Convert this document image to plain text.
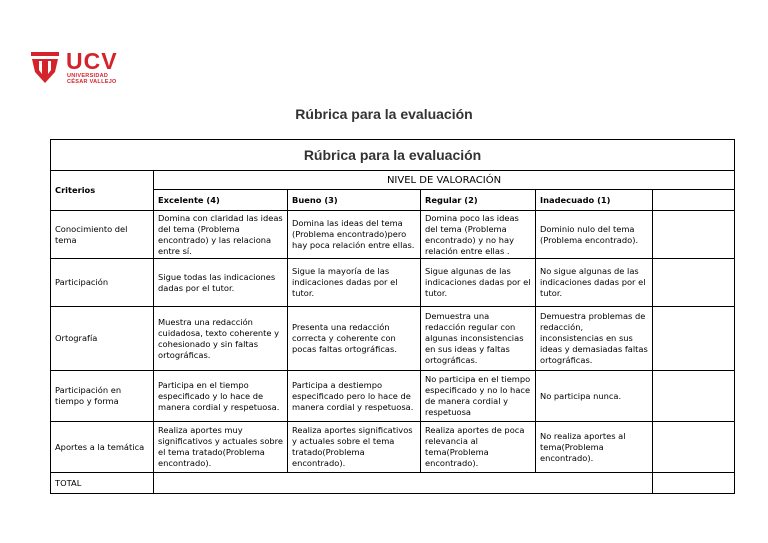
UCV
UNIVERSIDAD
CÉSAR VALLEJO
Rúbrica para la evaluación
Rúbrica para la evaluación					
Criterios	NIVEL DE VALORACIÓN				
	Excelente (4)	Bueno (3)	Regular (2)	Inadecuado (1)	
Conocimiento del tema	Domina con claridad las ideas del tema (Problema encontrado) y las relaciona entre sí.	Domina las ideas del tema (Problema encontrado)pero hay poca relación entre ellas.	Domina poco las ideas del tema (Problema encontrado) y no hay relación entre ellas .	Dominio nulo del tema (Problema encontrado).	
Participación	Sigue todas las indicaciones dadas por el tutor.	Sigue la mayoría de las indicaciones dadas por el tutor.	Sigue algunas de las indicaciones dadas por el tutor.	No sigue algunas de las indicaciones dadas por el tutor.	
Ortografía	Muestra una redacción cuidadosa, texto coherente y cohesionado y sin faltas ortográficas.	Presenta una redacción correcta y coherente con pocas faltas ortográficas.	Demuestra una redacción regular con algunas inconsistencias en sus ideas y faltas ortográficas.	Demuestra problemas de redacción, inconsistencias en sus ideas y demasiadas faltas ortográficas.	
Participación en tiempo y forma	Participa en el tiempo especificado y lo hace de manera cordial y respetuosa.	Participa a destiempo especificado pero lo hace de manera cordial y respetuosa.	No participa en el tiempo especificado y no lo hace de manera cordial y respetuosa	No participa nunca.	
Aportes a la temática	Realiza aportes muy significativos y actuales sobre el tema tratado(Problema encontrado).	Realiza aportes significativos y actuales sobre el tema tratado(Problema encontrado).	Realiza aportes de poca relevancia al tema(Problema encontrado).	No realiza aportes al tema(Problema encontrado).	
TOTAL					
